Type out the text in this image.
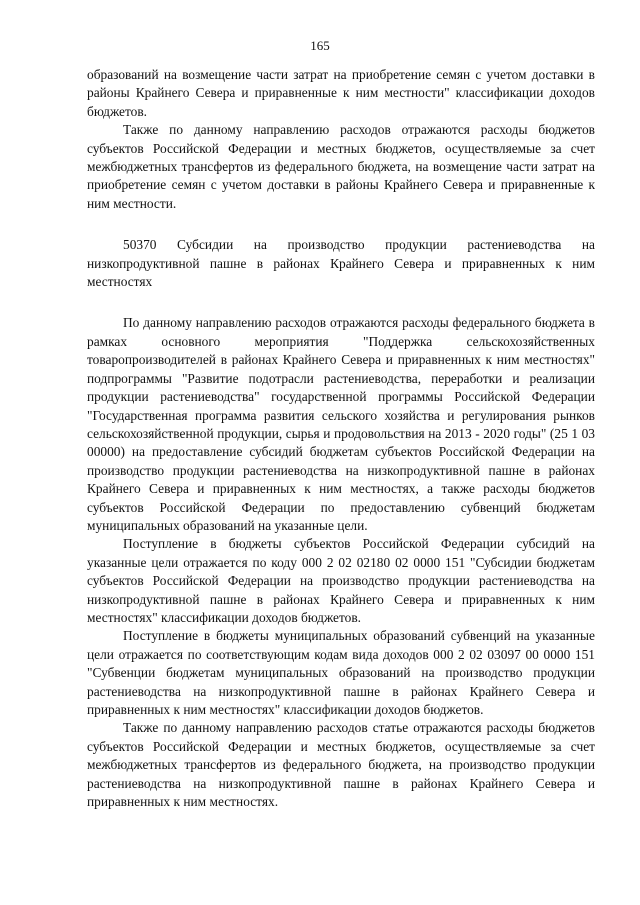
165

образований на возмещение части затрат на приобретение семян с учетом доставки в районы Крайнего Севера и приравненные к ним местности" классификации доходов бюджетов.

Также по данному направлению расходов отражаются расходы бюджетов субъектов Российской Федерации и местных бюджетов, осуществляемые за счет межбюджетных трансфертов из федерального бюджета, на возмещение части затрат на приобретение семян с учетом доставки в районы Крайнего Севера и приравненные к ним местности.

50370 Субсидии на производство продукции растениеводства на низкопродуктивной пашне в районах Крайнего Севера и приравненных к ним местностях

По данному направлению расходов отражаются расходы федерального бюджета в рамках основного мероприятия "Поддержка сельскохозяйственных товаропроизводителей в районах Крайнего Севера и приравненных к ним местностях" подпрограммы "Развитие подотрасли растениеводства, переработки и реализации продукции растениеводства" государственной программы Российской Федерации "Государственная программа развития сельского хозяйства и регулирования рынков сельскохозяйственной продукции, сырья и продовольствия на 2013 - 2020 годы" (25 1 03 00000) на предоставление субсидий бюджетам субъектов Российской Федерации на производство продукции растениеводства на низкопродуктивной пашне в районах Крайнего Севера и приравненных к ним местностях, а также расходы бюджетов субъектов Российской Федерации по предоставлению субвенций бюджетам муниципальных образований на указанные цели.

Поступление в бюджеты субъектов Российской Федерации субсидий на указанные цели отражается по коду 000 2 02 02180 02 0000 151 "Субсидии бюджетам субъектов Российской Федерации на производство продукции растениеводства на низкопродуктивной пашне в районах Крайнего Севера и приравненных к ним местностях" классификации доходов бюджетов.

Поступление в бюджеты муниципальных образований субвенций на указанные цели отражается по соответствующим кодам вида доходов 000 2 02 03097 00 0000 151 "Субвенции бюджетам муниципальных образований на производство продукции растениеводства на низкопродуктивной пашне в районах Крайнего Севера и приравненных к ним местностях" классификации доходов бюджетов.

Также по данному направлению расходов статье отражаются расходы бюджетов субъектов Российской Федерации и местных бюджетов, осуществляемые за счет межбюджетных трансфертов из федерального бюджета, на производство продукции растениеводства на низкопродуктивной пашне в районах Крайнего Севера и приравненных к ним местностях.
